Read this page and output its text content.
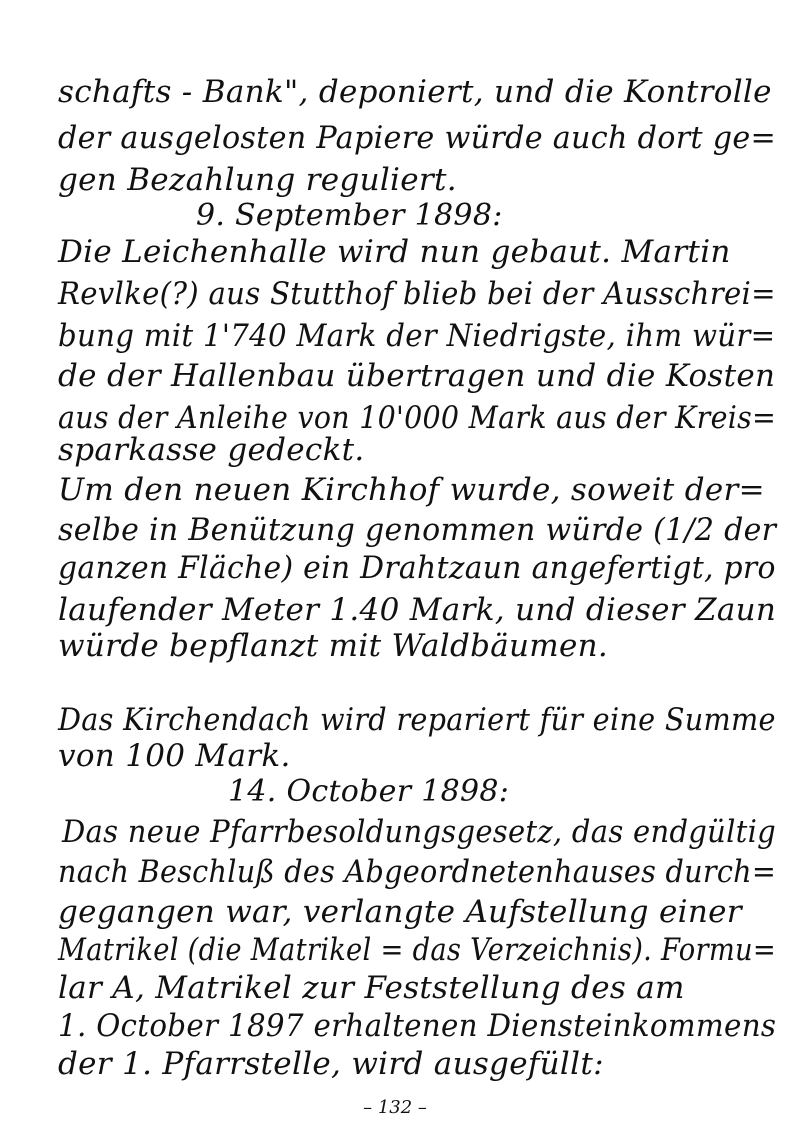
schafts - Bank", deponiert, und die Kontrolle
der ausgelosten Papiere würde auch dort ge=
gen Bezahlung reguliert.
9. September 1898:
Die Leichenhalle wird nun gebaut. Martin
Revlke(?) aus Stutthof blieb bei der Ausschrei=
bung mit 1'740 Mark der Niedrigste, ihm wür=
de der Hallenbau übertragen und die Kosten
aus der Anleihe von 10'000 Mark aus der Kreis=
sparkasse gedeckt.
Um den neuen Kirchhof wurde, soweit der=
selbe in Benützung genommen würde (1/2 der
ganzen Fläche) ein Drahtzaun angefertigt, pro
laufender Meter 1.40 Mark, und dieser Zaun
würde bepflanzt mit Waldbäumen.
Das Kirchendach wird repariert für eine Summe
von 100 Mark.
14. October 1898:
Das neue Pfarrbesoldungsgesetz, das endgültig
nach Beschluß des Abgeordnetenhauses durch=
gegangen war, verlangte Aufstellung einer
Matrikel (die Matrikel = das Verzeichnis). Formu=
lar A, Matrikel zur Feststellung des am
1. October 1897 erhaltenen Diensteinkommens
der 1. Pfarrstelle, wird ausgefüllt:
– 132 –
